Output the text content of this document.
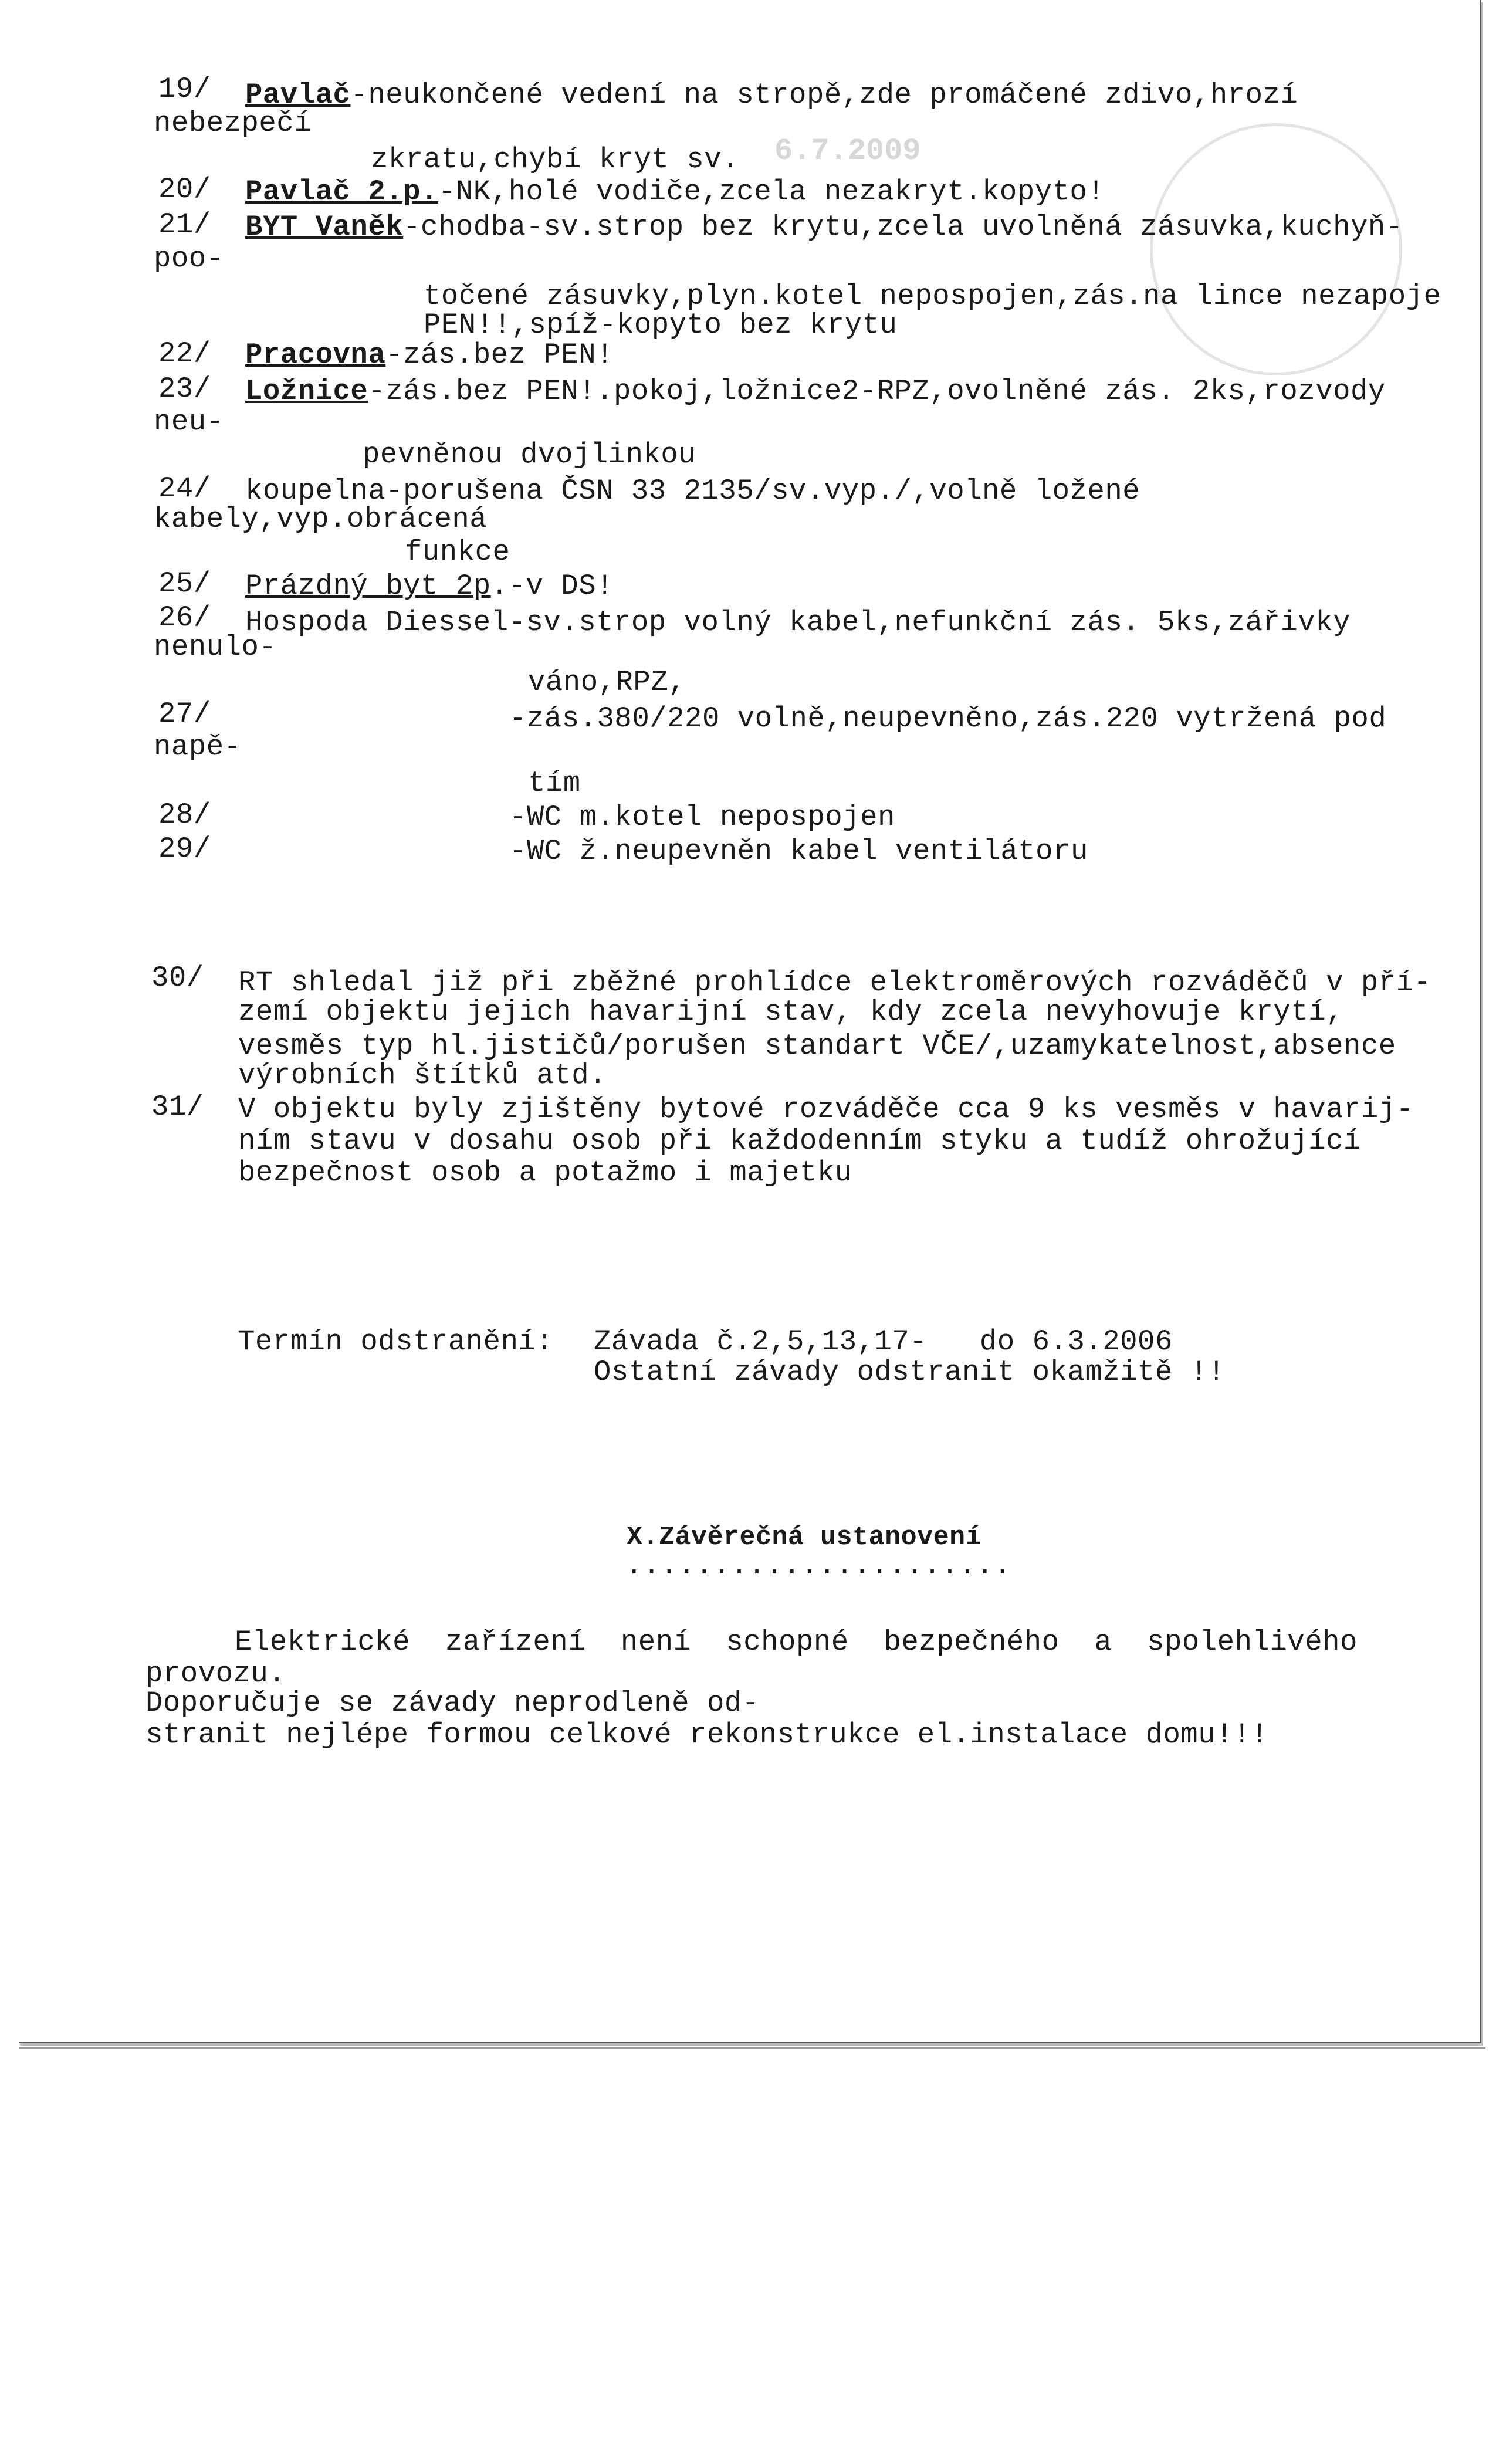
6.7.2009
19/ Pavlač-neukončené vedení na stropě,zde promáčené zdivo,hrozí
nebezpečí
zkratu,chybí kryt sv.
20/ Pavlač 2.p.-NK,holé vodiče,zcela nezakryt.kopyto!
21/ BYT Vaněk-chodba-sv.strop bez krytu,zcela uvolněná zásuvka,kuchyň-
poo-
točené zásuvky,plyn.kotel nepospojen,zás.na lince nezapoje
PEN!!,spíž-kopyto bez krytu
22/ Pracovna-zás.bez PEN!
23/ Ložnice-zás.bez PEN!.pokoj,ložnice2-RPZ,ovolněné zás. 2ks,rozvody
neu-
pevněnou dvojlinkou
24/ koupelna-porušena ČSN 33 2135/sv.vyp./,volně ložené
kabely,vyp.obrácená
funkce
25/ Prázdný byt 2p.-v DS!
26/ Hospoda Diessel-sv.strop volný kabel,nefunkční zás. 5ks,zářivky
nenulo-
váno,RPZ,
27/	-zás.380/220 volně,neupevněno,zás.220 vytržená pod
napě-
tím
28/	-WC m.kotel nepospojen
29/	-WC ž.neupevněn kabel ventilátoru
30/ RT shledal již při zběžné prohlídce elektroměrových rozváděčů v pří-
zemí objektu jejich havarijní stav, kdy zcela nevyhovuje krytí,
vesměs typ hl.jističů/porušen standart VČE/,uzamykatelnost,absence
výrobních štítků atd.
31/ V objektu byly zjištěny bytové rozváděče cca 9 ks vesměs v havarij-
ním stavu v dosahu osob při každodenním styku a tudíž ohrožující
bezpečnost osob a potažmo i majetku
Termín odstranění: Závada č.2,5,13,17-   do 6.3.2006
Ostatní závady odstranit okamžitě !!
X.Závěrečná ustanovení
......................
Elektrické  zařízení  není  schopné  bezpečného  a  spolehlivého
provozu.
Doporučuje se závady neprodleně od-
stranit nejlépe formou celkové rekonstrukce el.instalace domu!!!
